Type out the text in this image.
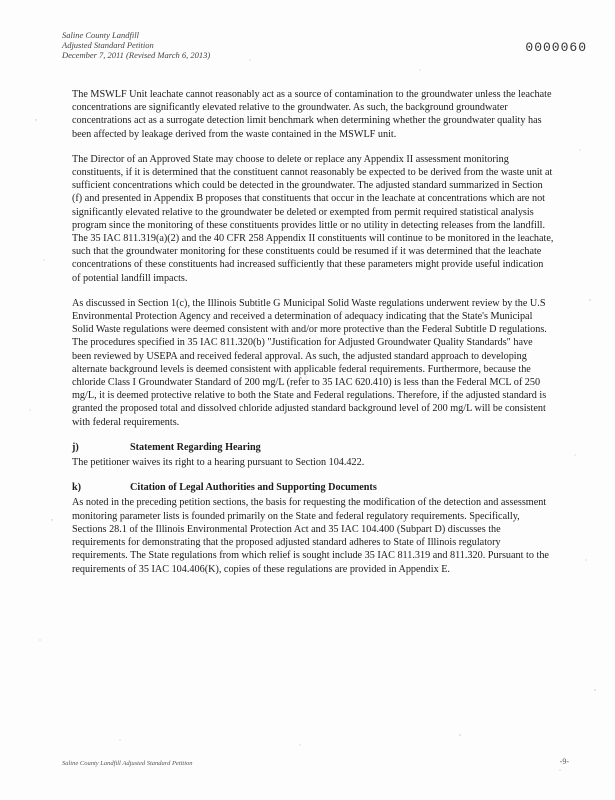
Saline County Landfill
Adjusted Standard Petition
December 7, 2011 (Revised March 6, 2013)	0000060

The MSWLF Unit leachate cannot reasonably act as a source of contamination to the groundwater unless the leachate concentrations are significantly elevated relative to the groundwater. As such, the background groundwater concentrations act as a surrogate detection limit benchmark when determining whether the groundwater quality has been affected by leakage derived from the waste contained in the MSWLF unit.

The Director of an Approved State may choose to delete or replace any Appendix II assessment monitoring constituents, if it is determined that the constituent cannot reasonably be expected to be derived from the waste unit at sufficient concentrations which could be detected in the groundwater. The adjusted standard summarized in Section (f) and presented in Appendix B proposes that constituents that occur in the leachate at concentrations which are not significantly elevated relative to the groundwater be deleted or exempted from permit required statistical analysis program since the monitoring of these constituents provides little or no utility in detecting releases from the landfill. The 35 IAC 811.319(a)(2) and the 40 CFR 258 Appendix II constituents will continue to be monitored in the leachate, such that the groundwater monitoring for these constituents could be resumed if it was determined that the leachate concentrations of these constituents had increased sufficiently that these parameters might provide useful indication of potential landfill impacts.

As discussed in Section 1(c), the Illinois Subtitle G Municipal Solid Waste regulations underwent review by the U.S Environmental Protection Agency and received a determination of adequacy indicating that the State's Municipal Solid Waste regulations were deemed consistent with and/or more protective than the Federal Subtitle D regulations. The procedures specified in 35 IAC 811.320(b) "Justification for Adjusted Groundwater Quality Standards" have been reviewed by USEPA and received federal approval. As such, the adjusted standard approach to developing alternate background levels is deemed consistent with applicable federal requirements. Furthermore, because the chloride Class I Groundwater Standard of 200 mg/L (refer to 35 IAC 620.410) is less than the Federal MCL of 250 mg/L, it is deemed protective relative to both the State and Federal regulations. Therefore, if the adjusted standard is granted the proposed total and dissolved chloride adjusted standard background level of 200 mg/L will be consistent with federal requirements.

j)	Statement Regarding Hearing

The petitioner waives its right to a hearing pursuant to Section 104.422.

k)	Citation of Legal Authorities and Supporting Documents

As noted in the preceding petition sections, the basis for requesting the modification of the detection and assessment monitoring parameter lists is founded primarily on the State and federal regulatory requirements. Specifically, Sections 28.1 of the Illinois Environmental Protection Act and 35 IAC 104.400 (Subpart D) discusses the requirements for demonstrating that the proposed adjusted standard adheres to State of Illinois regulatory requirements. The State regulations from which relief is sought include 35 IAC 811.319 and 811.320. Pursuant to the requirements of 35 IAC 104.406(K), copies of these regulations are provided in Appendix E.

Saline County Landfill Adjusted Standard Petition	-9-
